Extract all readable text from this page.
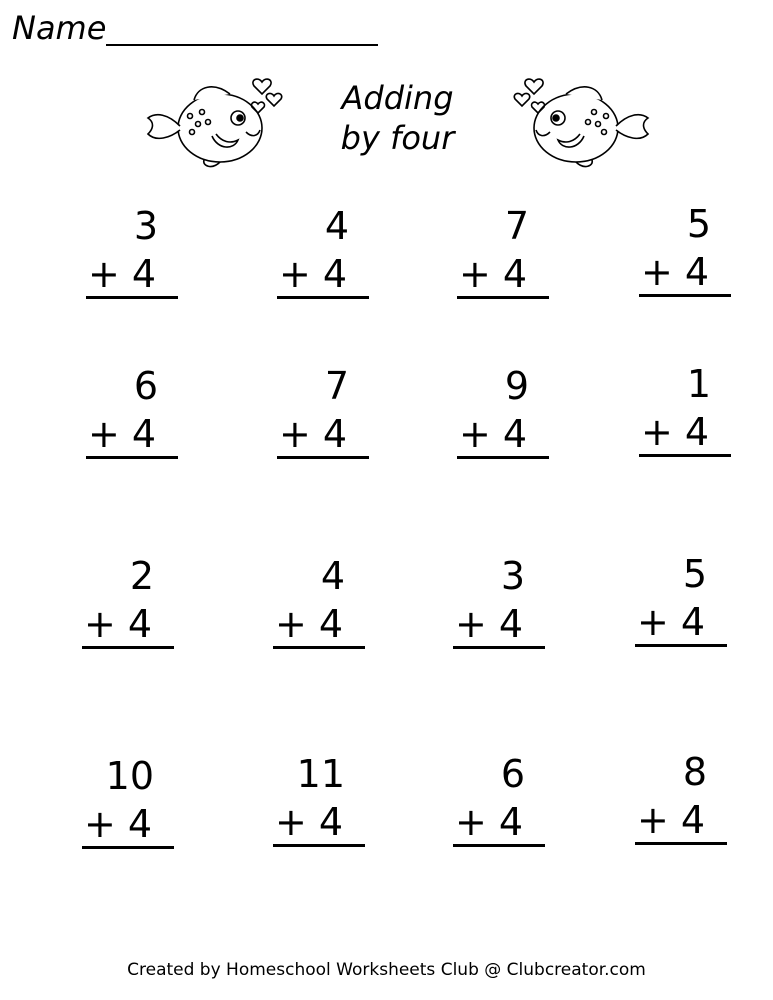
Name
Adding
by four
3
+ 4
4
+ 4
7
+ 4
5
+ 4
6
+ 4
7
+ 4
9
+ 4
1
+ 4
2
+ 4
4
+ 4
3
+ 4
5
+ 4
10
+ 4
11
+ 4
6
+ 4
8
+ 4
Created by Homeschool Worksheets Club @ Clubcreator.com
